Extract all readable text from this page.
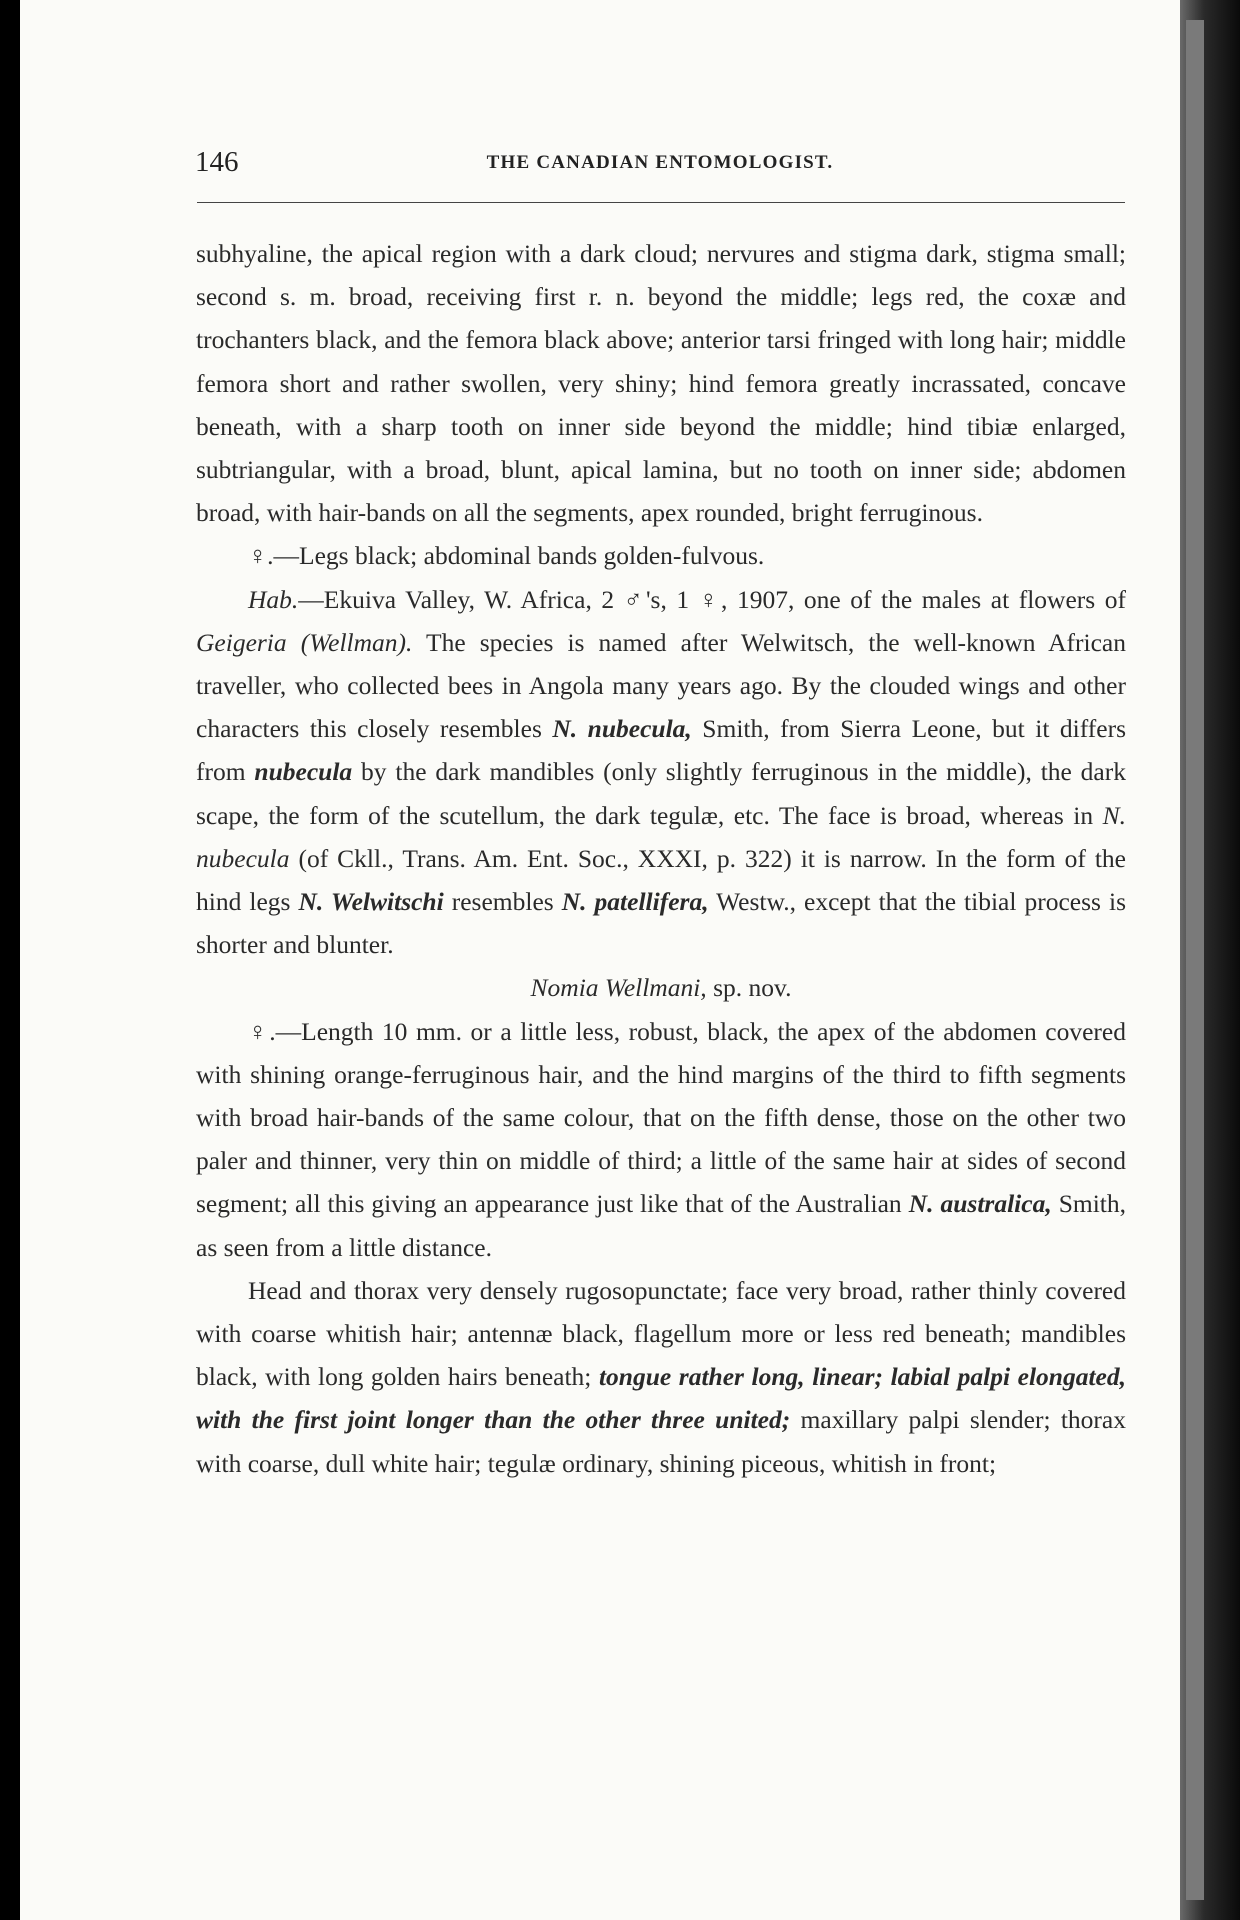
146	THE CANADIAN ENTOMOLOGIST.

subhyaline, the apical region with a dark cloud; nervures and stigma dark, stigma small; second s. m. broad, receiving first r. n. beyond the middle; legs red, the coxæ and trochanters black, and the femora black above; anterior tarsi fringed with long hair; middle femora short and rather swollen, very shiny; hind femora greatly incrassated, concave beneath, with a sharp tooth on inner side beyond the middle; hind tibiæ enlarged, subtriangular, with a broad, blunt, apical lamina, but no tooth on inner side; abdomen broad, with hair-bands on all the segments, apex rounded, bright ferruginous.

♀.—Legs black; abdominal bands golden-fulvous.

Hab.—Ekuiva Valley, W. Africa, 2 ♂'s, 1 ♀, 1907, one of the males at flowers of Geigeria (Wellman). The species is named after Welwitsch, the well-known African traveller, who collected bees in Angola many years ago. By the clouded wings and other characters this closely resembles N. nubecula, Smith, from Sierra Leone, but it differs from nubecula by the dark mandibles (only slightly ferruginous in the middle), the dark scape, the form of the scutellum, the dark tegulæ, etc. The face is broad, whereas in N. nubecula (of Ckll., Trans. Am. Ent. Soc., XXXI, p. 322) it is narrow. In the form of the hind legs N. Welwitschi resembles N. patellifera, Westw., except that the tibial process is shorter and blunter.

Nomia Wellmani, sp. nov.

♀.—Length 10 mm. or a little less, robust, black, the apex of the abdomen covered with shining orange-ferruginous hair, and the hind margins of the third to fifth segments with broad hair-bands of the same colour, that on the fifth dense, those on the other two paler and thinner, very thin on middle of third; a little of the same hair at sides of second segment; all this giving an appearance just like that of the Australian N. australica, Smith, as seen from a little distance.

Head and thorax very densely rugosopunctate; face very broad, rather thinly covered with coarse whitish hair; antennæ black, flagellum more or less red beneath; mandibles black, with long golden hairs beneath; tongue rather long, linear; labial palpi elongated, with the first joint longer than the other three united; maxillary palpi slender; thorax with coarse, dull white hair; tegulæ ordinary, shining piceous, whitish in front;
